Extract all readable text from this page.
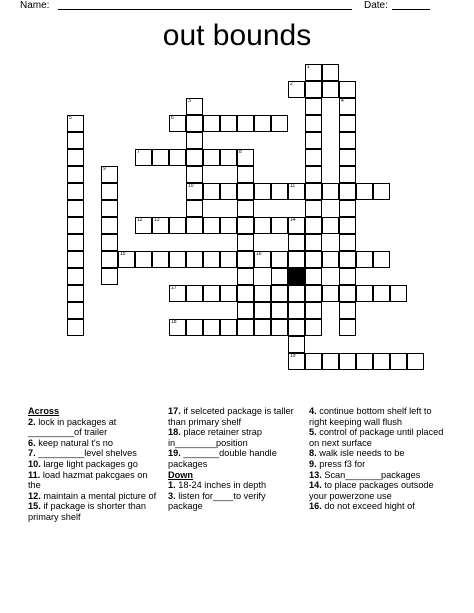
Name:	Date:
out bounds
1
4
3
10
6
5
7
9
8
11
13	14
19
16
17
18
2
12
15

Across

2. lock in packages at _________of trailer

6. keep natural t's no

7. _________level shelves

10. large light packages go

11. load hazmat pakcgaes on the

12. maintain a mental picture of

15. if package is shorter than primary shelf

17. if selceted package is taller than primary shelf

18. place retainer strap in________position

19. _______double handle packages

Down

1. 18-24 inches in depth

3. listen for____to verify package

4. continue bottom shelf left to right keeping wall flush

5. control of package until placed on next surface

8. walk isle needs to be

9. press f3 for

13. Scan_______packages

14. to place packages outsode your powerzone use

16. do not exceed hight of
